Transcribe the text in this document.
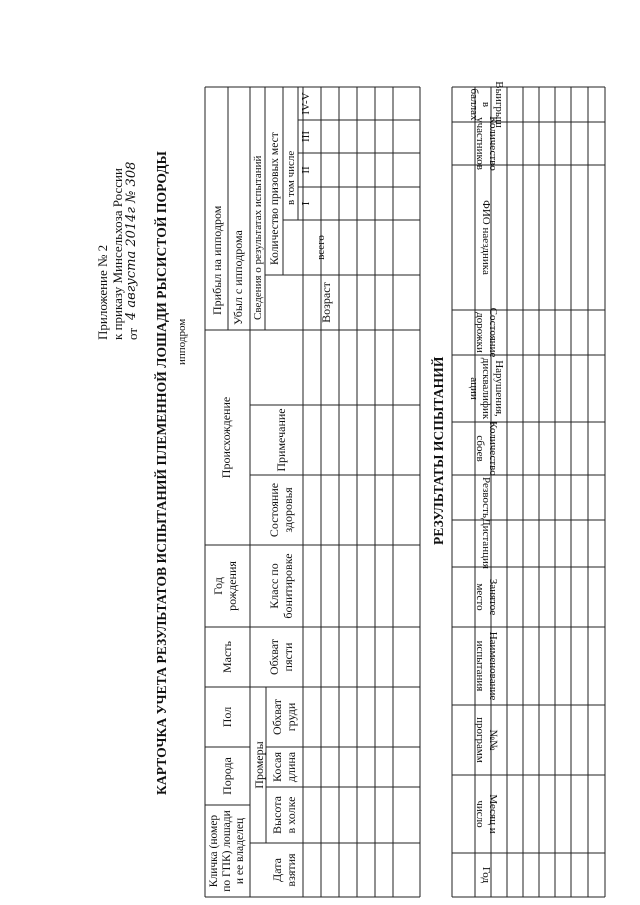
Приложение № 2 к приказу Минсельхоза России от
4 августа 2014г № 308 КАРТОЧКА УЧЕТА РЕЗУЛЬТАТОВ ИСПЫТАНИЙ ПЛЕМЕННОЙ ЛОШАДИ РЫСИСТОЙ ПОРОДЫ ипподром
Кличка (номер по ГПК) лошади и ее владелец
Порода
Пол
Масть
Год рождения
Происхождение
Прибыл на ипподром Убыл с ипподрома
Дата взятия
Промеры
Высота в холке
Косая длина
Обхват груди
Обхват пясти
Класс по бонитировке
Состояние здоровья
Примечание
Сведения о результатах испытаний	Возраст
Количество призовых мест	всего
в том числе I
II
III
IV-V
РЕЗУЛЬТАТЫ ИСПЫТАНИЙ
Год
Месяц и
число
№№
программ
Наименование
испытания
Занятое
место
Дистанция
Резвость
Количество
сбоев
Нарушения,
дисквалифик
ации
Состояние
дорожки
ФИО наездника
Количество
участников
Выигрыш
в баллах
